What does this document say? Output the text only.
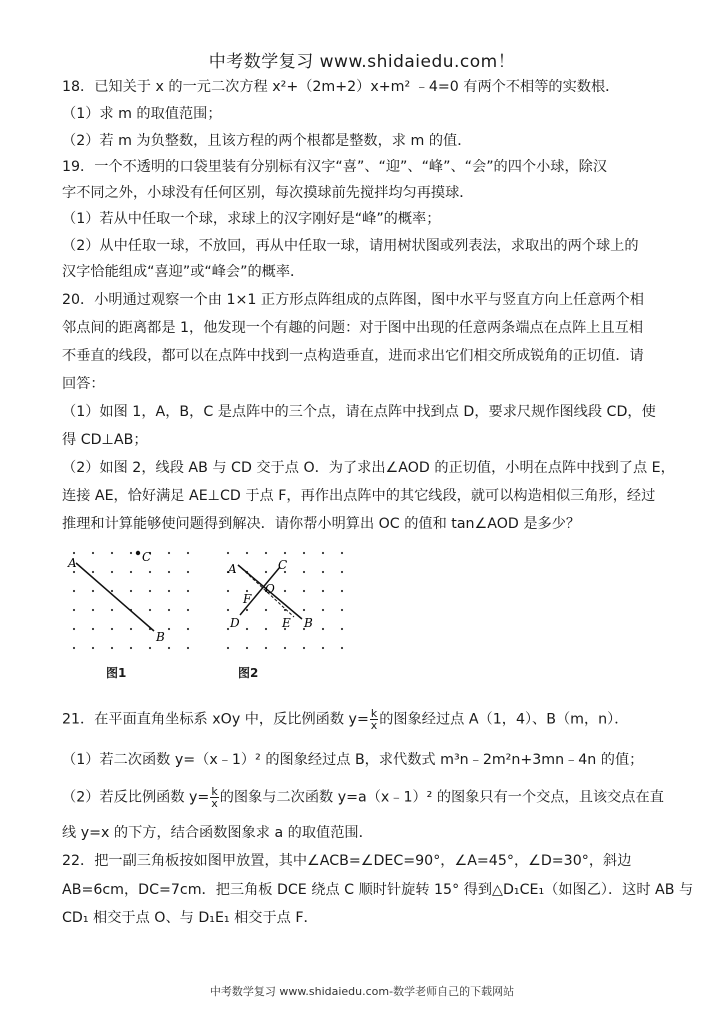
中考数学复习 www.shidaiedu.com！
18．已知关于 x 的一元二次方程 x²+（2m+2）x+m² ﹣4=0 有两个不相等的实数根．
（1）求 m 的取值范围；
（2）若 m 为负整数，且该方程的两个根都是整数，求 m 的值．
19．一个不透明的口袋里装有分别标有汉字“喜”、“迎”、“峰”、“会”的四个小球，除汉
字不同之外，小球没有任何区别，每次摸球前先搅拌均匀再摸球．
（1）若从中任取一个球，求球上的汉字刚好是“峰”的概率；
（2）从中任取一球，不放回，再从中任取一球，请用树状图或列表法，求取出的两个球上的
汉字恰能组成“喜迎”或“峰会”的概率．
20．小明通过观察一个由 1×1 正方形点阵组成的点阵图，图中水平与竖直方向上任意两个相
邻点间的距离都是 1，他发现一个有趣的问题：对于图中出现的任意两条端点在点阵上且互相
不垂直的线段，都可以在点阵中找到一点构造垂直，进而求出它们相交所成锐角的正切值．请
回答：
（1）如图 1，A，B，C 是点阵中的三个点，请在点阵中找到点 D，要求尺规作图线段 CD，使
得 CD⊥AB；
（2）如图 2，线段 AB 与 CD 交于点 O．为了求出∠AOD 的正切值，小明在点阵中找到了点 E，
连接 AE，恰好满足 AE⊥CD 于点 F，再作出点阵中的其它线段，就可以构造相似三角形，经过
推理和计算能够使问题得到解决．请你帮小明算出 OC 的值和 tan∠AOD 是多少？
21．在平面直角坐标系 xOy 中，反比例函数 $y= \frac{k}{x}$ 的图象经过点 A（1，4）、B（m，n）．
（1）若二次函数 y=（x﹣1）² 的图象经过点 B，求代数式 m³n﹣2m²n+3mn﹣4n 的值；
（2）若反比例函数 $y= \frac{k}{x}$ 的图象与二次函数 y=a（x﹣1）² 的图象只有一个交点，且该交点在直
线 y=x 的下方，结合函数图象求 a 的取值范围．
22．把一副三角板按如图甲放置，其中∠ACB=∠DEC=90°，∠A=45°，∠D=30°，斜边
AB=6cm，DC=7cm．把三角板 DCE 绕点 C 顺时针旋转 15° 得到△D₁CE₁（如图乙）．这时 AB 与
CD₁ 相交于点 O、与 D₁E₁ 相交于点 F．
A
B
C
图1
A	C
O
F
D	E B
图2
中考数学复习 www.shidaiedu.com-数学老师自己的下载网站
